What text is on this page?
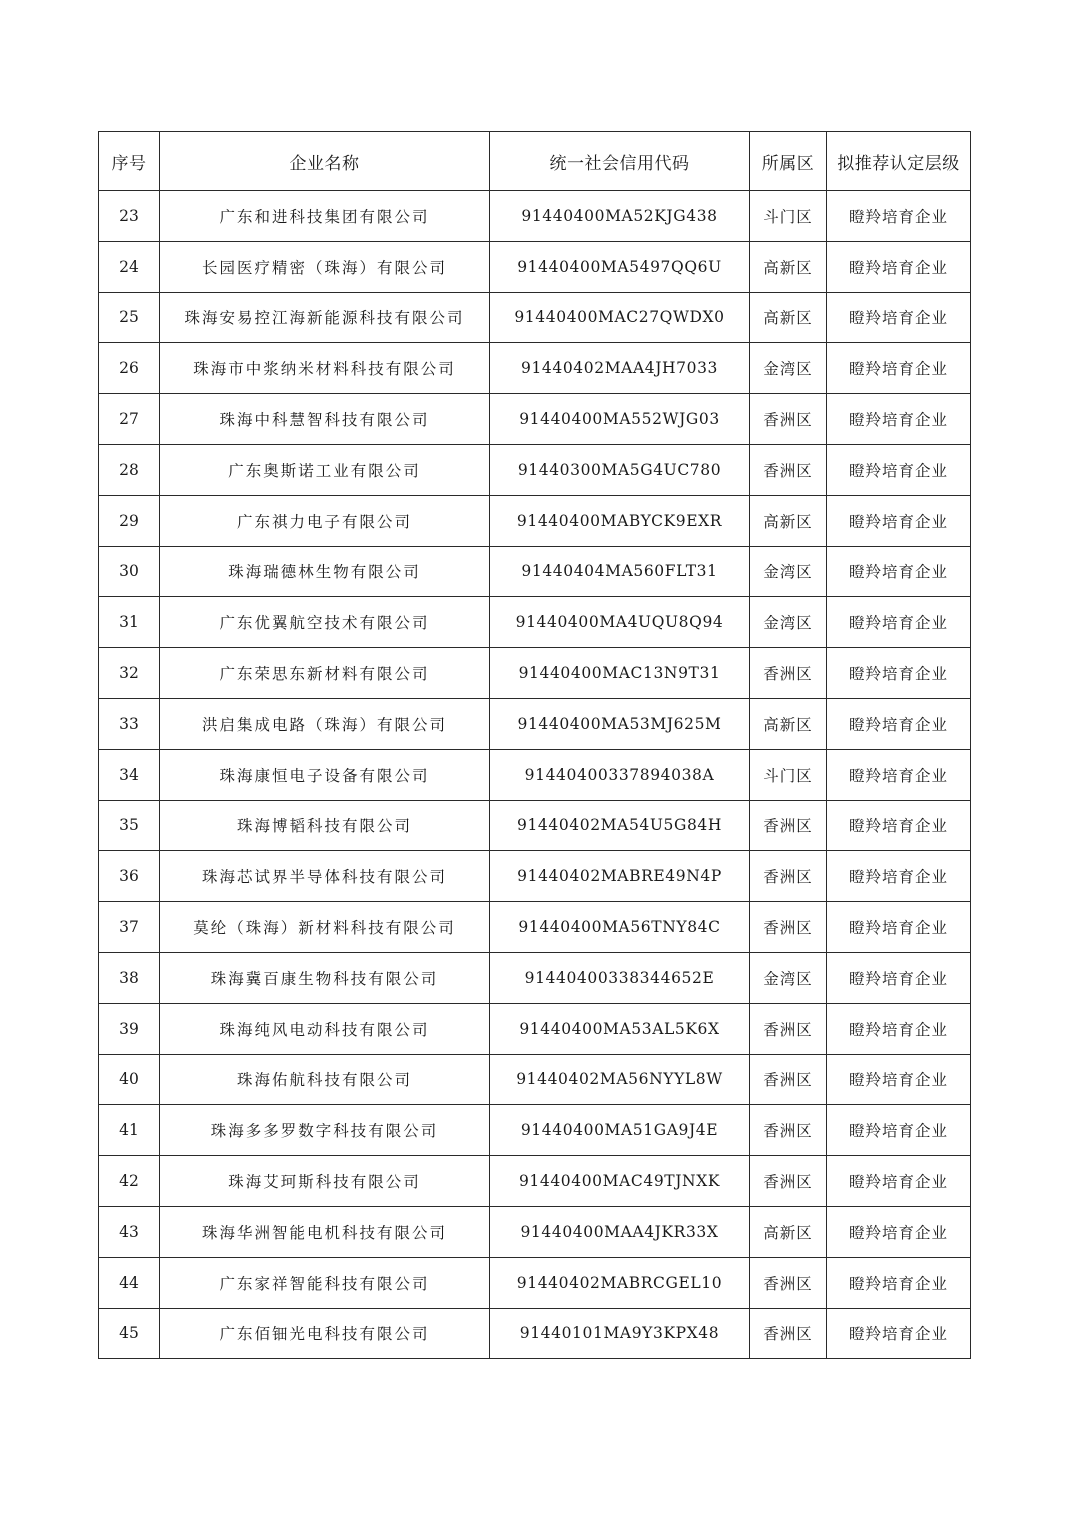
序号	企业名称	统一社会信用代码	所属区	拟推荐认定层级
23	广东和进科技集团有限公司	91440400MA52KJG438	斗门区	瞪羚培育企业
24	长园医疗精密（珠海）有限公司	91440400MA5497QQ6U	高新区	瞪羚培育企业
25	珠海安易控江海新能源科技有限公司	91440400MAC27QWDX0	高新区	瞪羚培育企业
26	珠海市中浆纳米材料科技有限公司	91440402MAA4JH7033	金湾区	瞪羚培育企业
27	珠海中科慧智科技有限公司	91440400MA552WJG03	香洲区	瞪羚培育企业
28	广东奥斯诺工业有限公司	91440300MA5G4UC780	香洲区	瞪羚培育企业
29	广东祺力电子有限公司	91440400MABYCK9EXR	高新区	瞪羚培育企业
30	珠海瑞德林生物有限公司	91440404MA560FLT31	金湾区	瞪羚培育企业
31	广东优翼航空技术有限公司	91440400MA4UQU8Q94	金湾区	瞪羚培育企业
32	广东荣思东新材料有限公司	91440400MAC13N9T31	香洲区	瞪羚培育企业
33	洪启集成电路（珠海）有限公司	91440400MA53MJ625M	高新区	瞪羚培育企业
34	珠海康恒电子设备有限公司	914404003378940​38A	斗门区	瞪羚培育企业
35	珠海博韬科技有限公司	91440402MA54U5G84H	香洲区	瞪羚培育企业
36	珠海芯试界半导体科技有限公司	91440402MABRE49N4P	香洲区	瞪羚培育企业
37	莫纶（珠海）新材料科技有限公司	91440400MA56TNY84C	香洲区	瞪羚培育企业
38	珠海冀百康生物科技有限公司	91440400338344652E	金湾区	瞪羚培育企业
39	珠海纯风电动科技有限公司	91440400MA53AL5K6X	香洲区	瞪羚培育企业
40	珠海佑航科技有限公司	91440402MA56NYYL8W	香洲区	瞪羚培育企业
41	珠海多多罗数字科技有限公司	91440400MA51GA9J4E	香洲区	瞪羚培育企业
42	珠海艾珂斯科技有限公司	91440400MAC49TJNXK	香洲区	瞪羚培育企业
43	珠海华洲智能电机科技有限公司	91440400MAA4JKR33X	高新区	瞪羚培育企业
44	广东家祥智能科技有限公司	91440402MABRCGEL10	香洲区	瞪羚培育企业
45	广东佰钿光电科技有限公司	91440101MA9Y3KPX48	香洲区	瞪羚培育企业
